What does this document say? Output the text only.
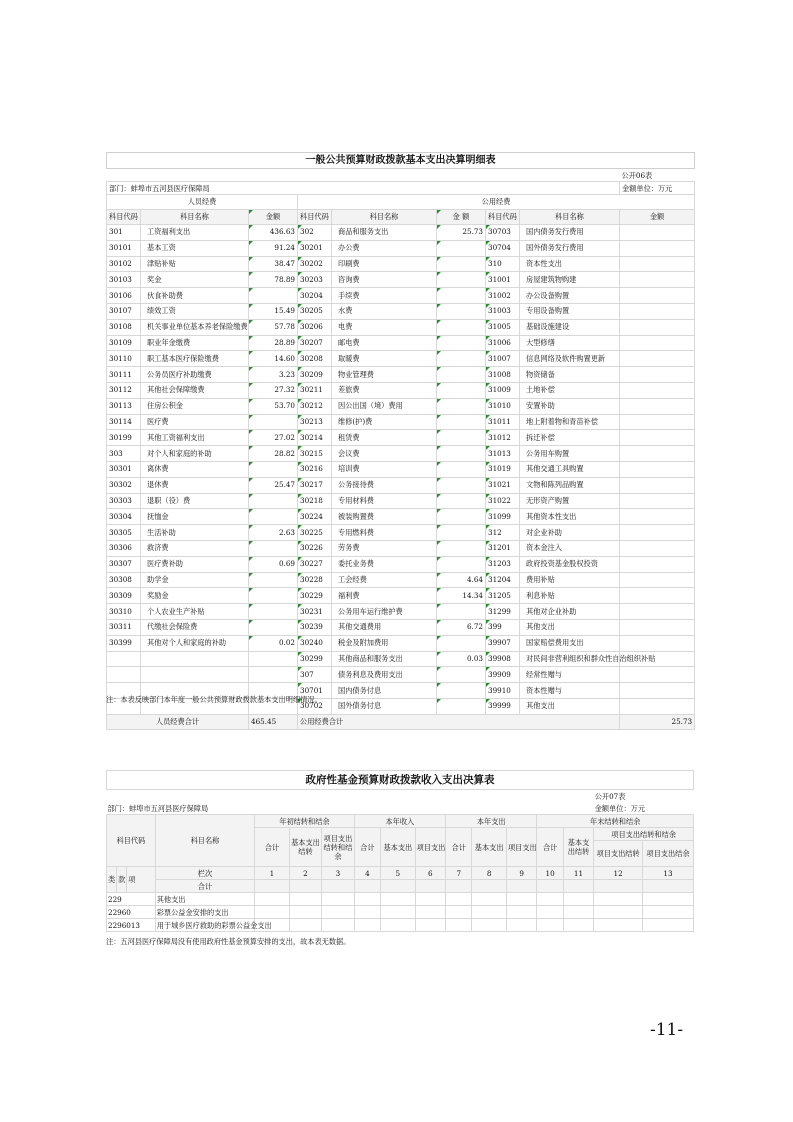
一般公共预算财政拨款基本支出决算明细表								
								公开06表
部门：蚌埠市五河县医疗保障局								金额单位：万元
人员经费			公用经费					
科目代码	科目名称	金额	科目代码	科目名称	金 额	科目代码	科目名称	金额
301	工资福利支出	436.63	302	商品和服务支出	25.73	30703	国内债务发行费用	
30101	基本工资	91.24	30201	办公费		30704	国外债务发行费用	
30102	津贴补贴	38.47	30202	印刷费		310	资本性支出	
30103	奖金	78.89	30203	咨询费		31001	房屋建筑物购建	
30106	伙食补助费		30204	手续费		31002	办公设备购置	
30107	绩效工资	15.49	30205	水费		31003	专用设备购置	
30108	机关事业单位基本养老保险缴费	57.78	30206	电费		31005	基础设施建设	
30109	职业年金缴费	28.89	30207	邮电费		31006	大型修缮	
30110	职工基本医疗保险缴费	14.60	30208	取暖费		31007	信息网络及软件购置更新	
30111	公务员医疗补助缴费	3.23	30209	物业管理费		31008	物资储备	
30112	其他社会保障缴费	27.32	30211	差旅费		31009	土地补偿	
30113	住房公积金	53.70	30212	因公出国（境）费用		31010	安置补助	
30114	医疗费		30213	维修(护)费		31011	地上附着物和青苗补偿	
30199	其他工资福利支出	27.02	30214	租赁费		31012	拆迁补偿	
303	对个人和家庭的补助	28.82	30215	会议费		31013	公务用车购置	
30301	离休费		30216	培训费		31019	其他交通工具购置	
30302	退休费	25.47	30217	公务接待费		31021	文物和陈列品购置	
30303	退职（役）费		30218	专用材料费		31022	无形资产购置	
30304	抚恤金		30224	被装购置费		31099	其他资本性支出	
30305	生活补助	2.63	30225	专用燃料费		312	对企业补助	
30306	救济费		30226	劳务费		31201	资本金注入	
30307	医疗费补助	0.69	30227	委托业务费		31203	政府投资基金股权投资	
30308	助学金		30228	工会经费	4.64	31204	费用补贴	
30309	奖励金		30229	福利费	14.34	31205	利息补贴	
30310	个人农业生产补贴		30231	公务用车运行维护费		31299	其他对企业补助	
30311	代缴社会保险费		30239	其他交通费用	6.72	399	其他支出	
30399	其他对个人和家庭的补助	0.02	30240	税金及附加费用		39907	国家赔偿费用支出	
			30299	其他商品和服务支出	0.03	39908	对民间非营利组织和群众性自治组织补贴	
			307	债务利息及费用支出		39909	经常性赠与	
			30701	国内债务付息		39910	资本性赠与	
			30702	国外债务付息		39999	其他支出	
人员经费合计		465.45	公用经费合计					25.73
注：本表反映部门本年度一般公共预算财政拨款基本支出明细情况。
政府性基金预算财政拨款收入支出决算表																
															公开07表	
部门：蚌埠市五河县医疗保障局															金额单位：万元	
科目代码			科目名称	年初结转和结余			本年收入			本年支出			年末结转和结余			
				合计	基本支出结转	项目支出结转和结余	合计	基本支出	项目支出	合计	基本支出	项目支出	合计	基本支出结转	项目支出结转和结余	
															项目支出结转	项目支出结余
类	款	项	栏次	1	2	3	4	5	6	7	8	9	10	11	12	13
			合计													
229			其他支出													
22960			彩票公益金安排的支出													
2296013			用于城乡医疗救助的彩票公益金支出													
注：五河县医疗保障局没有使用政府性基金预算安排的支出，故本表无数据。
-11-
